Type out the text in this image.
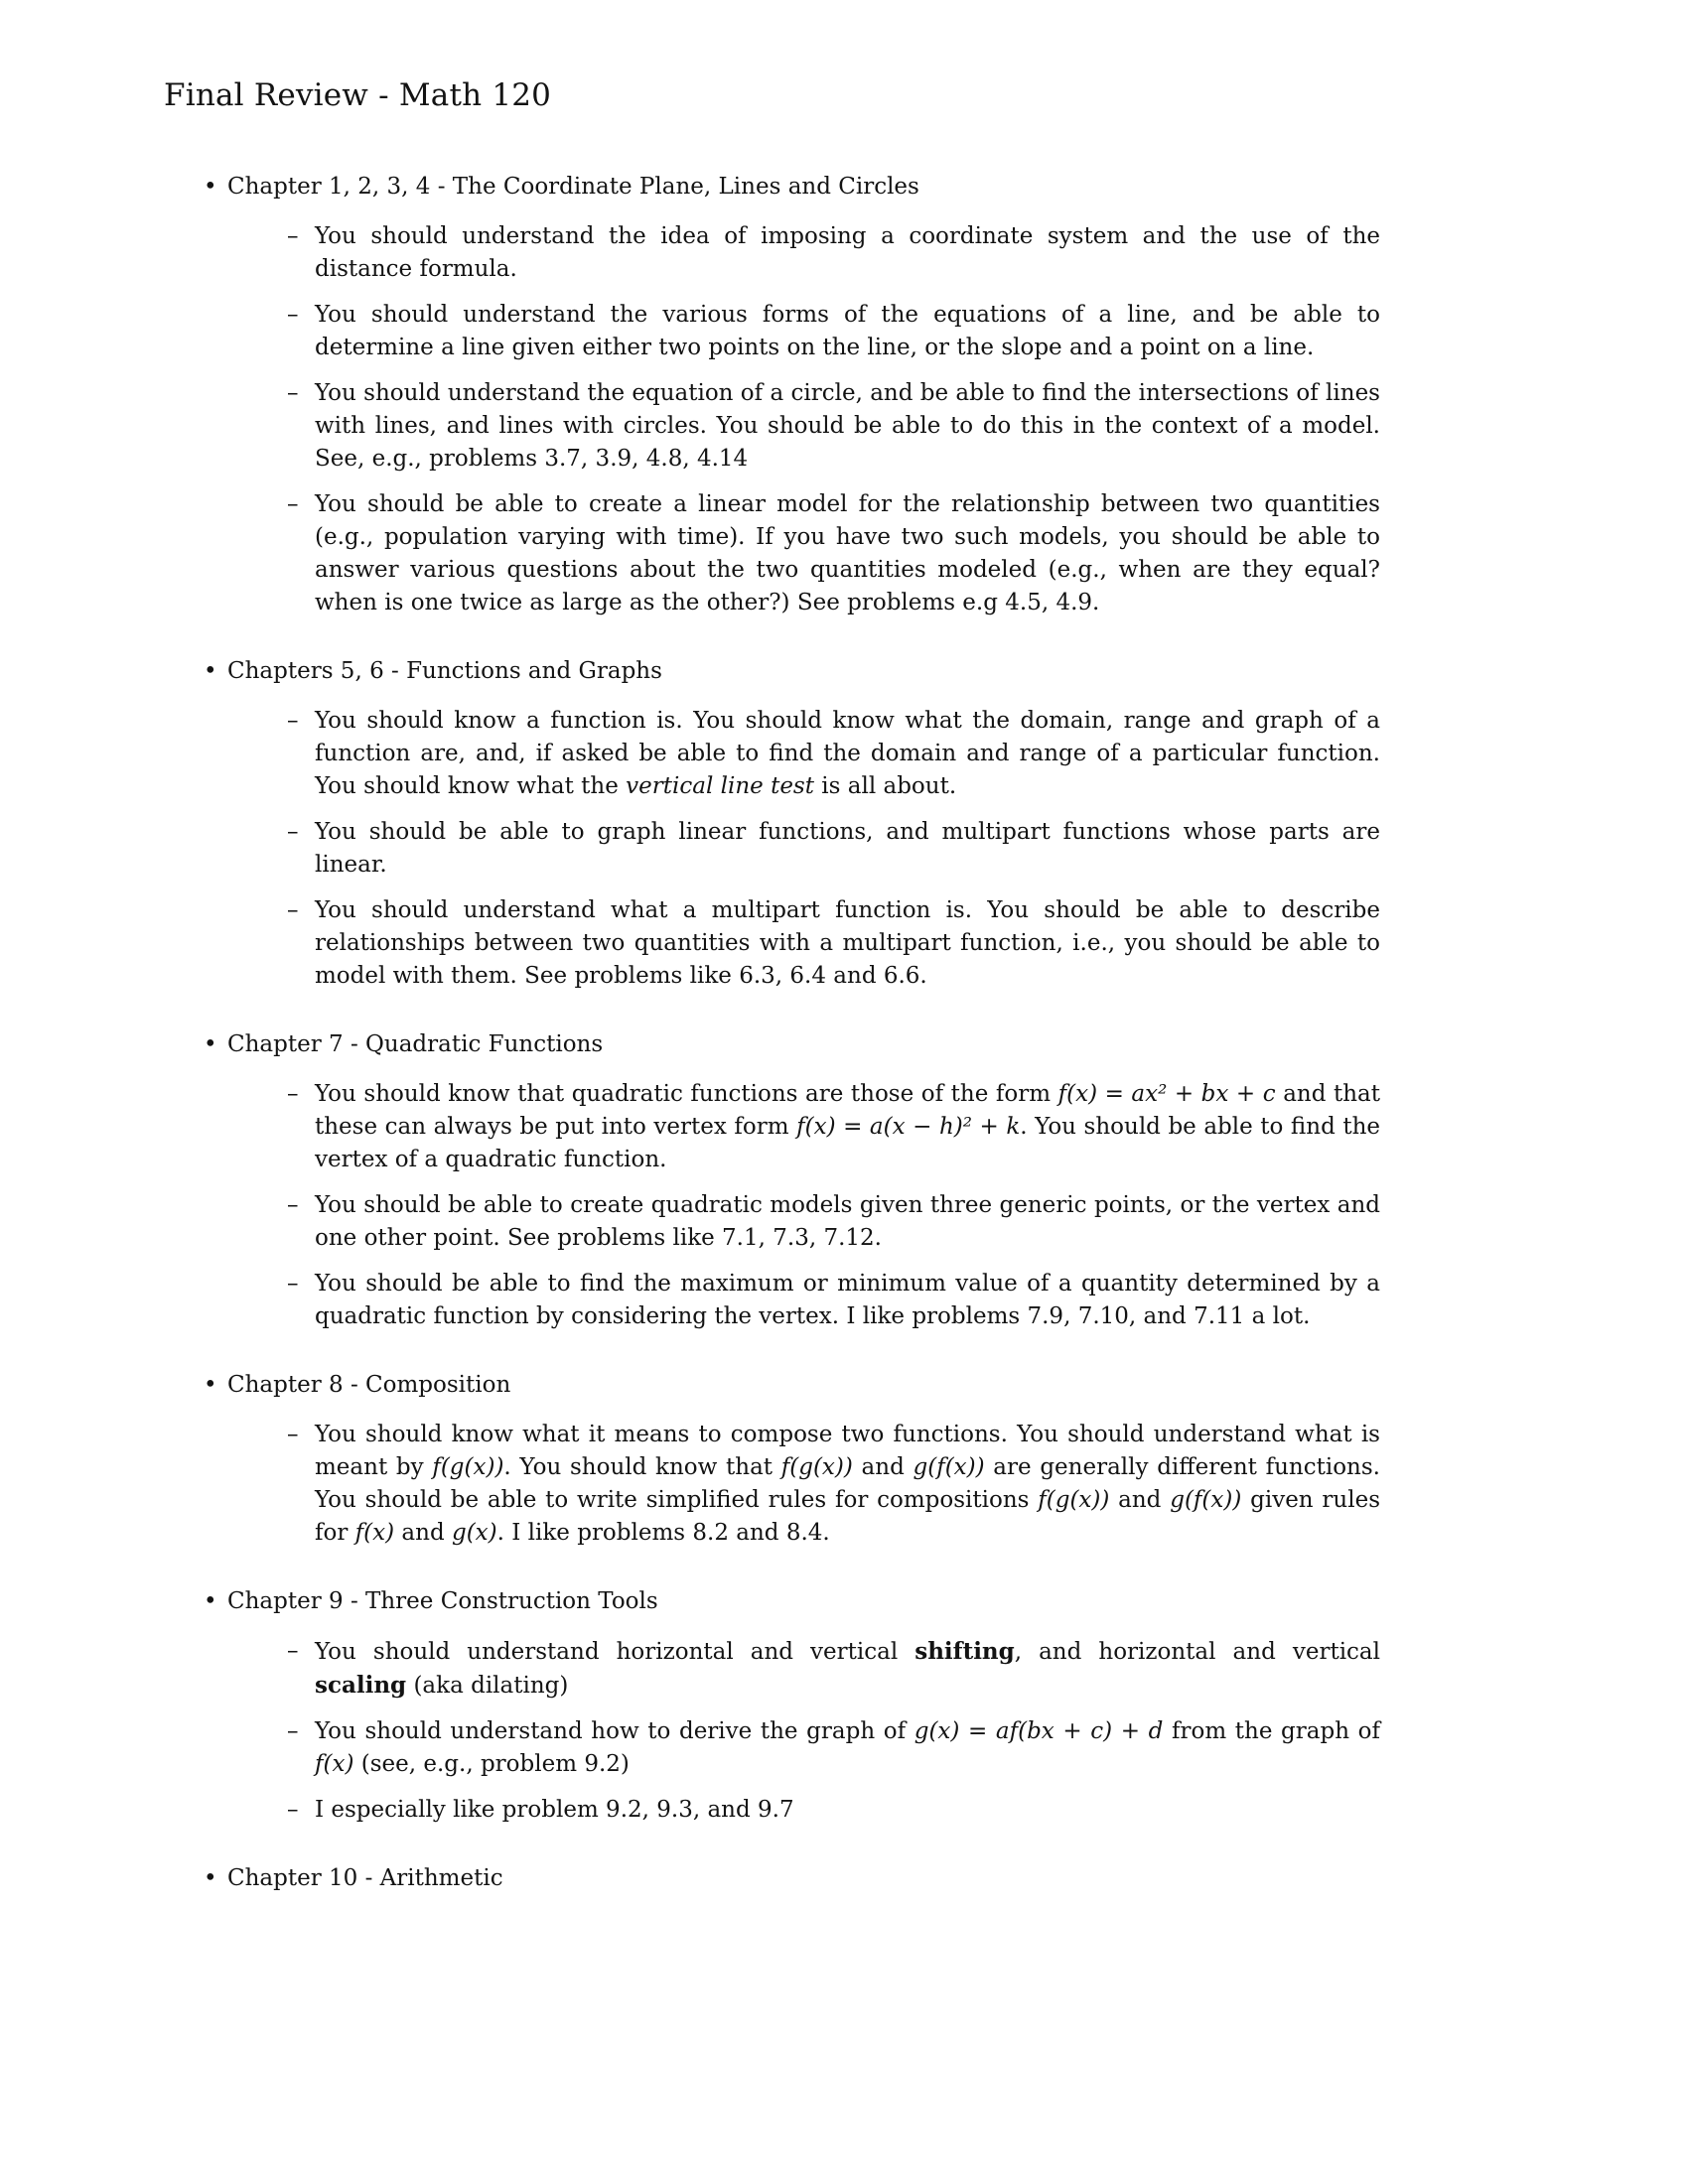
Final Review - Math 120
• Chapter 1, 2, 3, 4 - The Coordinate Plane, Lines and Circles
– You should understand the idea of imposing a coordinate system and the use of the distance formula.
– You should understand the various forms of the equations of a line, and be able to determine a line given either two points on the line, or the slope and a point on a line.
– You should understand the equation of a circle, and be able to find the intersections of lines with lines, and lines with circles. You should be able to do this in the context of a model. See, e.g., problems 3.7, 3.9, 4.8, 4.14
– You should be able to create a linear model for the relationship between two quantities (e.g., population varying with time). If you have two such models, you should be able to answer various questions about the two quantities modeled (e.g., when are they equal? when is one twice as large as the other?) See problems e.g 4.5, 4.9.
• Chapters 5, 6 - Functions and Graphs
– You should know a function is. You should know what the domain, range and graph of a function are, and, if asked be able to find the domain and range of a particular function. You should know what the vertical line test is all about.
– You should be able to graph linear functions, and multipart functions whose parts are linear.
– You should understand what a multipart function is. You should be able to describe relationships between two quantities with a multipart function, i.e., you should be able to model with them. See problems like 6.3, 6.4 and 6.6.
• Chapter 7 - Quadratic Functions
– You should know that quadratic functions are those of the form f(x) = ax² + bx + c and that these can always be put into vertex form f(x) = a(x − h)² + k. You should be able to find the vertex of a quadratic function.
– You should be able to create quadratic models given three generic points, or the vertex and one other point. See problems like 7.1, 7.3, 7.12.
– You should be able to find the maximum or minimum value of a quantity determined by a quadratic function by considering the vertex. I like problems 7.9, 7.10, and 7.11 a lot.
• Chapter 8 - Composition
– You should know what it means to compose two functions. You should understand what is meant by f(g(x)). You should know that f(g(x)) and g(f(x)) are generally different functions. You should be able to write simplified rules for compositions f(g(x)) and g(f(x)) given rules for f(x) and g(x). I like problems 8.2 and 8.4.
• Chapter 9 - Three Construction Tools
– You should understand horizontal and vertical shifting, and horizontal and vertical scaling (aka dilating)
– You should understand how to derive the graph of g(x) = af(bx + c) + d from the graph of f(x) (see, e.g., problem 9.2)
– I especially like problem 9.2, 9.3, and 9.7
• Chapter 10 - Arithmetic
